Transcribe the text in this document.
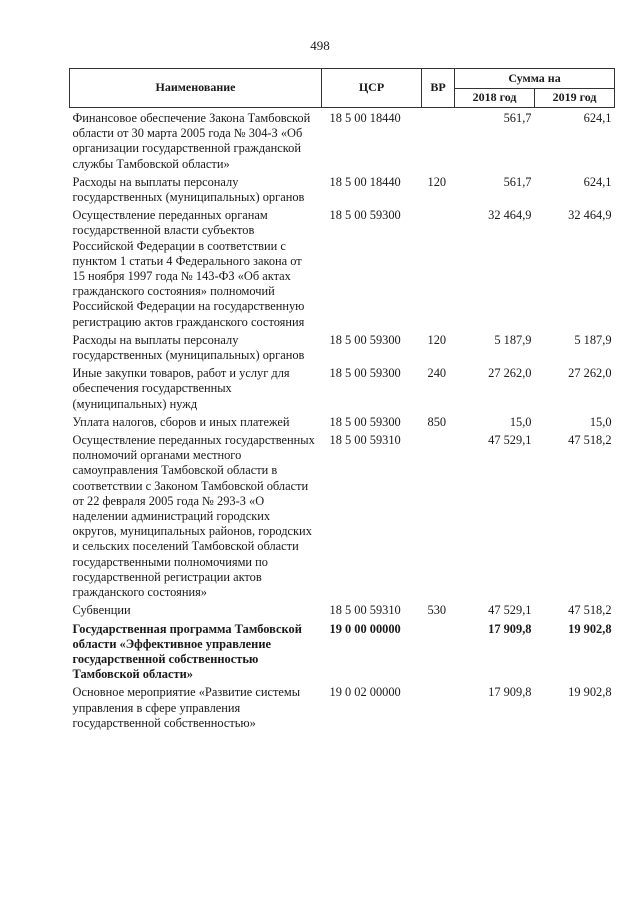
498
Наименование	ЦСР	ВР	Сумма на	
			2018 год	2019 год
Финансовое обеспечение Закона Тамбовской области от 30 марта 2005 года № 304-З «Об организации государственной гражданской службы Тамбовской области»	18 5 00 18440		561,7	624,1
Расходы на выплаты персоналу государственных (муниципальных) органов	18 5 00 18440	120	561,7	624,1
Осуществление переданных органам государственной власти субъектов Российской Федерации в соответствии с пунктом 1 статьи 4 Федерального закона от 15 ноября 1997 года № 143-ФЗ «Об актах гражданского состояния» полномочий Российской Федерации на государственную регистрацию актов гражданского состояния	18 5 00 59300		32 464,9	32 464,9
Расходы на выплаты персоналу государственных (муниципальных) органов	18 5 00 59300	120	5 187,9	5 187,9
Иные закупки товаров, работ и услуг для обеспечения государственных (муниципальных) нужд	18 5 00 59300	240	27 262,0	27 262,0
Уплата налогов, сборов и иных платежей	18 5 00 59300	850	15,0	15,0
Осуществление переданных государственных полномочий органами местного самоуправления Тамбовской области в соответствии с Законом Тамбовской области от 22 февраля 2005 года № 293-З «О наделении администраций городских округов, муниципальных районов, городских и сельских поселений Тамбовской области государственными полномочиями по государственной регистрации актов гражданского состояния»	18 5 00 59310		47 529,1	47 518,2
Субвенции	18 5 00 59310	530	47 529,1	47 518,2
Государственная программа Тамбовской области «Эффективное управление государственной собственностью Тамбовской области»	19 0 00 00000		17 909,8	19 902,8
Основное мероприятие «Развитие системы управления в сфере управления государственной собственностью»	19 0 02 00000		17 909,8	19 902,8
